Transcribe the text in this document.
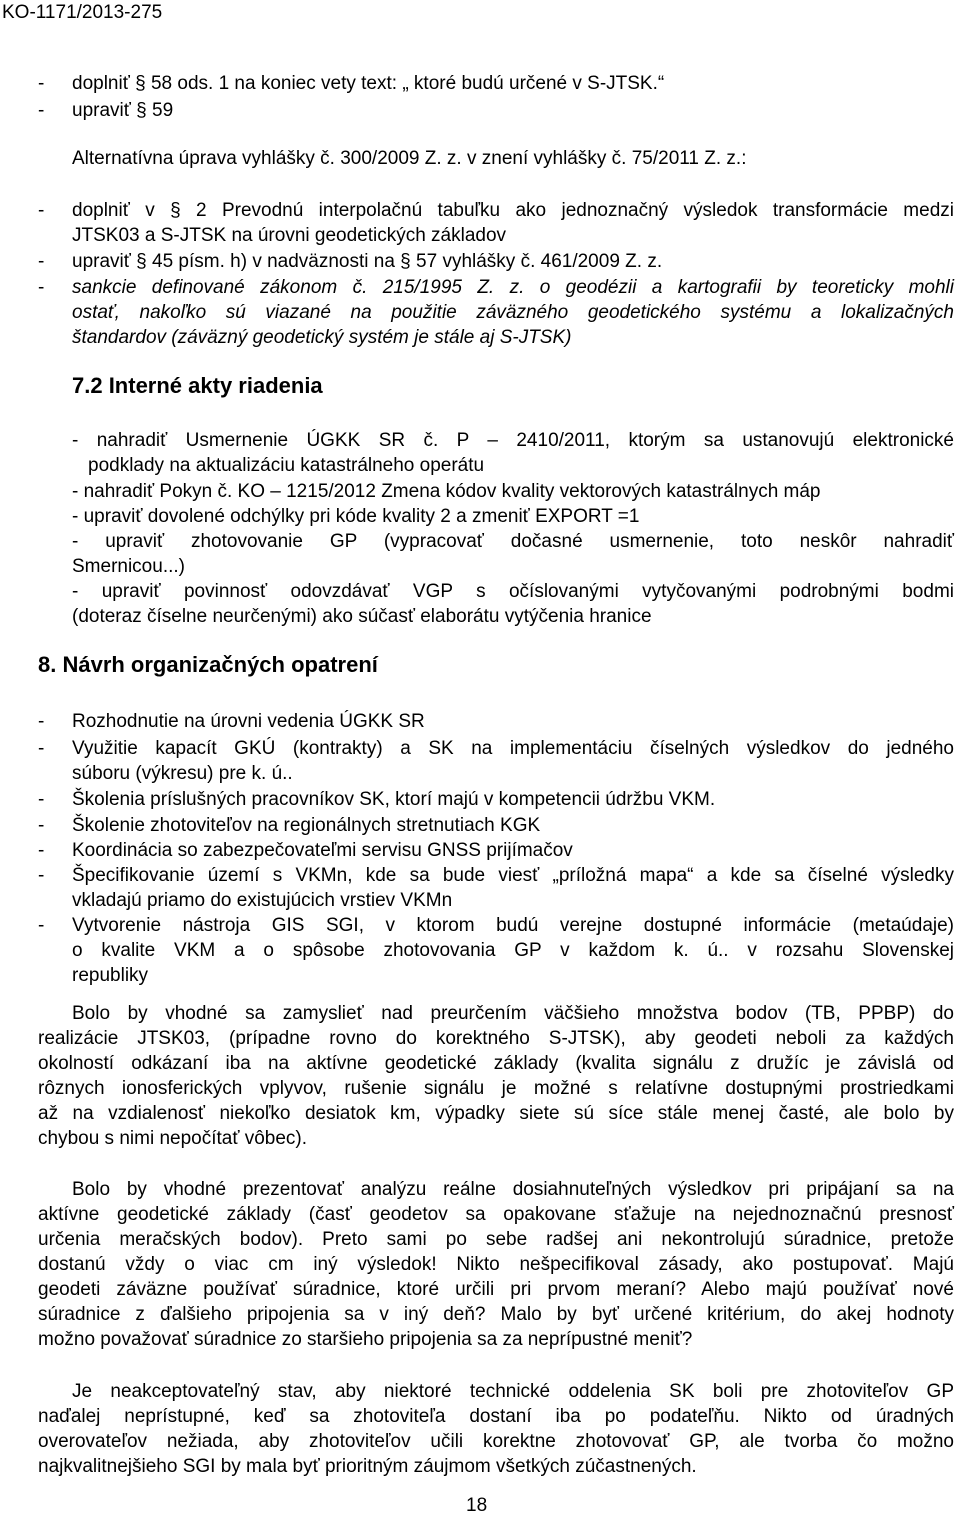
KO-1171/2013-275
- doplniť § 58 ods. 1 na koniec vety text: „ ktoré budú určené v S-JTSK.“
- upraviť § 59
Alternatívna úprava vyhlášky č. 300/2009 Z. z. v znení vyhlášky č. 75/2011 Z. z.:
- doplniť v § 2 Prevodnú interpolačnú tabuľku ako jednoznačný výsledok transformácie medzi
JTSK03 a S-JTSK na úrovni geodetických základov
- upraviť § 45 písm. h) v nadväznosti na § 57 vyhlášky č. 461/2009 Z. z.
- sankcie definované zákonom č. 215/1995 Z. z. o geodézii a kartografii by teoreticky mohli
ostať, nakoľko sú viazané na použitie záväzného geodetického systému a lokalizačných
štandardov (záväzný geodetický systém je stále aj S-JTSK)
7.2 Interné akty riadenia
- nahradiť Usmernenie ÚGKK SR č. P – 2410/2011, ktorým sa ustanovujú elektronické
podklady na aktualizáciu katastrálneho operátu
- nahradiť Pokyn č. KO – 1215/2012 Zmena kódov kvality vektorových katastrálnych máp
- upraviť dovolené odchýlky pri kóde kvality 2 a zmeniť EXPORT =1
- upraviť zhotovovanie GP (vypracovať dočasné usmernenie, toto neskôr nahradiť
Smernicou...)
- upraviť povinnosť odovzdávať VGP s očíslovanými vytyčovanými podrobnými bodmi
(doteraz číselne neurčenými) ako súčasť elaborátu vytýčenia hranice
8. Návrh organizačných opatrení
- Rozhodnutie na úrovni vedenia ÚGKK SR
- Využitie kapacít GKÚ (kontrakty) a SK na implementáciu číselných výsledkov do jedného
súboru (výkresu) pre k. ú..
- Školenia príslušných pracovníkov SK, ktorí majú v kompetencii údržbu VKM.
- Školenie zhotoviteľov na regionálnych stretnutiach KGK
- Koordinácia so zabezpečovateľmi servisu GNSS prijímačov
- Špecifikovanie území s VKMn, kde sa bude viesť „príložná mapa“ a kde sa číselné výsledky
vkladajú priamo do existujúcich vrstiev VKMn
- Vytvorenie nástroja GIS SGI, v ktorom budú verejne dostupné informácie (metaúdaje)
o kvalite VKM a o spôsobe zhotovovania GP v každom k. ú.. v rozsahu Slovenskej
republiky
Bolo by vhodné sa zamyslieť nad preurčením väčšieho množstva bodov (TB, PPBP) do
realizácie JTSK03, (prípadne rovno do korektného S-JTSK), aby geodeti neboli za každých
okolností odkázaní iba na aktívne geodetické základy (kvalita signálu z družíc je závislá od
rôznych ionosferických vplyvov, rušenie signálu je možné s relatívne dostupnými prostriedkami
až na vzdialenosť niekoľko desiatok km, výpadky siete sú síce stále menej časté, ale bolo by
chybou s nimi nepočítať vôbec).
Bolo by vhodné prezentovať analýzu reálne dosiahnuteľných výsledkov pri pripájaní sa na
aktívne geodetické základy (časť geodetov sa opakovane sťažuje na nejednoznačnú presnosť
určenia meračských bodov). Preto sami po sebe radšej ani nekontrolujú súradnice, pretože
dostanú vždy o viac cm iný výsledok! Nikto nešpecifikoval zásady, ako postupovať. Majú
geodeti záväzne používať súradnice, ktoré určili pri prvom meraní? Alebo majú používať nové
súradnice z ďalšieho pripojenia sa v iný deň? Malo by byť určené kritérium, do akej hodnoty
možno považovať súradnice zo staršieho pripojenia sa za neprípustné meniť?
Je neakceptovateľný stav, aby niektoré technické oddelenia SK boli pre zhotoviteľov GP
naďalej neprístupné, keď sa zhotoviteľa dostaní iba po podateľňu. Nikto od úradných
overovateľov nežiada, aby zhotoviteľov učili korektne zhotovovať GP, ale tvorba čo možno
najkvalitnejšieho SGI by mala byť prioritným záujmom všetkých zúčastnených.
18
